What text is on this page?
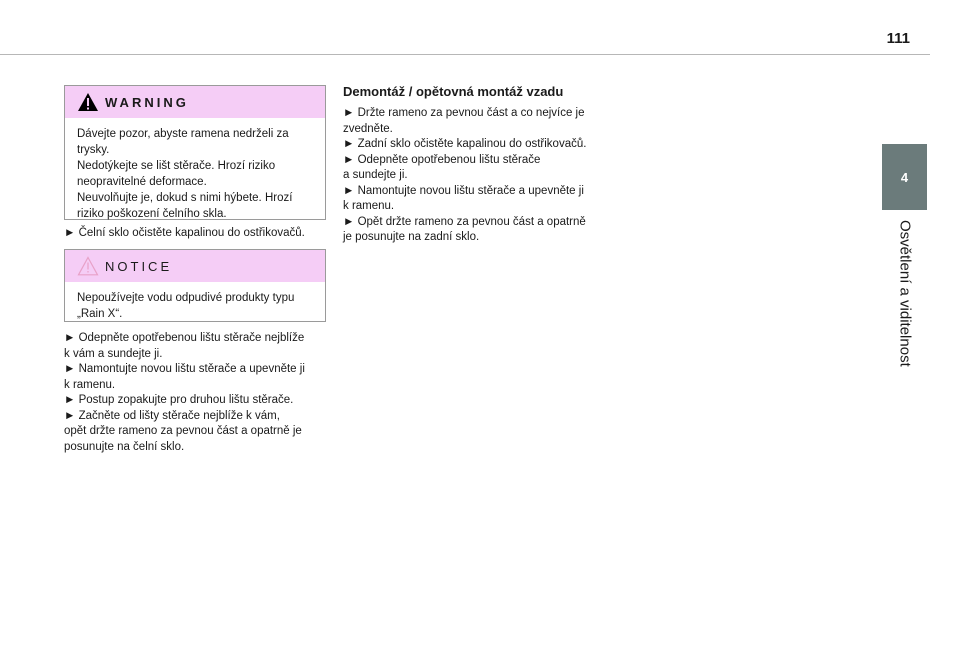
111
4
Osvětlení a viditelnost
WARNING

Dávejte pozor, abyste ramena nedrželi za

trysky.

Nedotýkejte se lišt stěrače. Hrozí riziko

neopravitelné deformace.

Neuvolňujte je, dokud s nimi hýbete. Hrozí

riziko poškození čelního skla.

► Čelní sklo očistěte kapalinou do ostřikovačů.

NOTICE

Nepoužívejte vodu odpudivé produkty typu

„Rain X“.

► Odepněte opotřebenou lištu stěrače nejblíže

k vám a sundejte ji.

► Namontujte novou lištu stěrače a upevněte ji

k ramenu.

► Postup zopakujte pro druhou lištu stěrače.

► Začněte od lišty stěrače nejblíže k vám,

opět držte rameno za pevnou část a opatrně je

posunujte na čelní sklo.

Demontáž / opětovná montáž vzadu

► Držte rameno za pevnou část a co nejvíce je

zvedněte.

► Zadní sklo očistěte kapalinou do ostřikovačů.

► Odepněte opotřebenou lištu stěrače

a sundejte ji.

► Namontujte novou lištu stěrače a upevněte ji

k ramenu.

► Opět držte rameno za pevnou část a opatrně

je posunujte na zadní sklo.
